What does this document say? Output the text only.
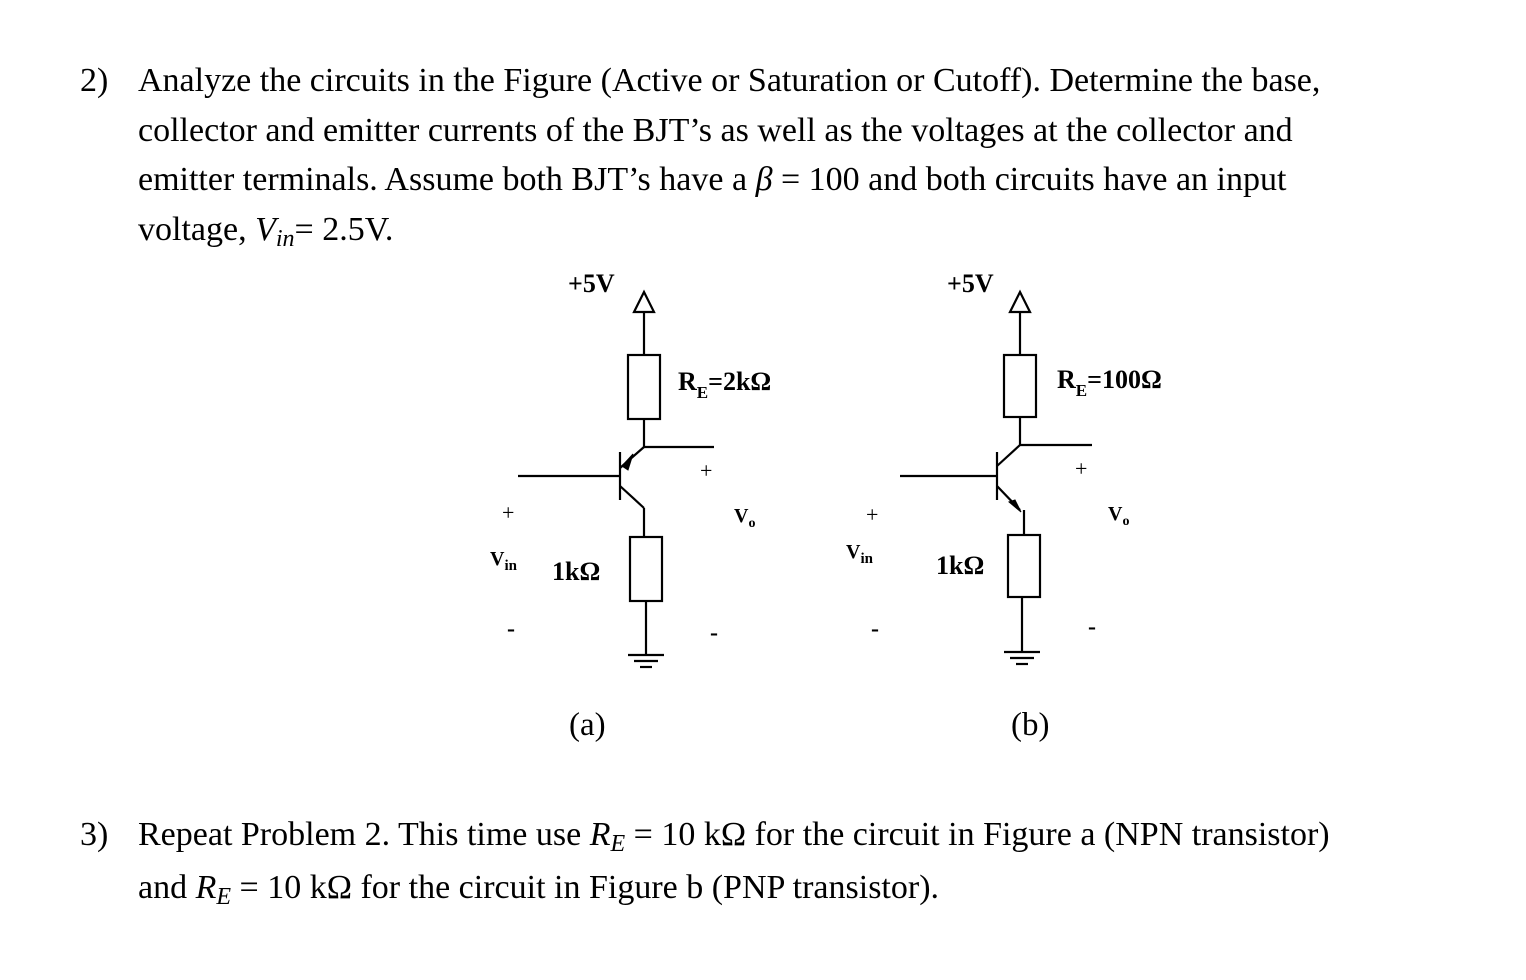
2) Analyze the circuits in the Figure (Active or Saturation or Cutoff). Determine the base,
collector and emitter currents of the BJT’s as well as the voltages at the collector and
emitter terminals. Assume both BJT’s have a β = 100 and both circuits have an input
voltage, $V_{in}= 2.5V$.
+5V
$R_E=2k\Omega$
+
$V_o$
-
+
$V_{in}$ 1kΩ
-
(a)
+5V
$R_E=100\Omega$
+
$V_o$
-
+
$V_{in}$ 1kΩ
-
(b)
3) Repeat Problem 2. This time use $R_E = 10$ kΩ for the circuit in Figure a (NPN transistor)
and $R_E = 10$ kΩ for the circuit in Figure b (PNP transistor).
